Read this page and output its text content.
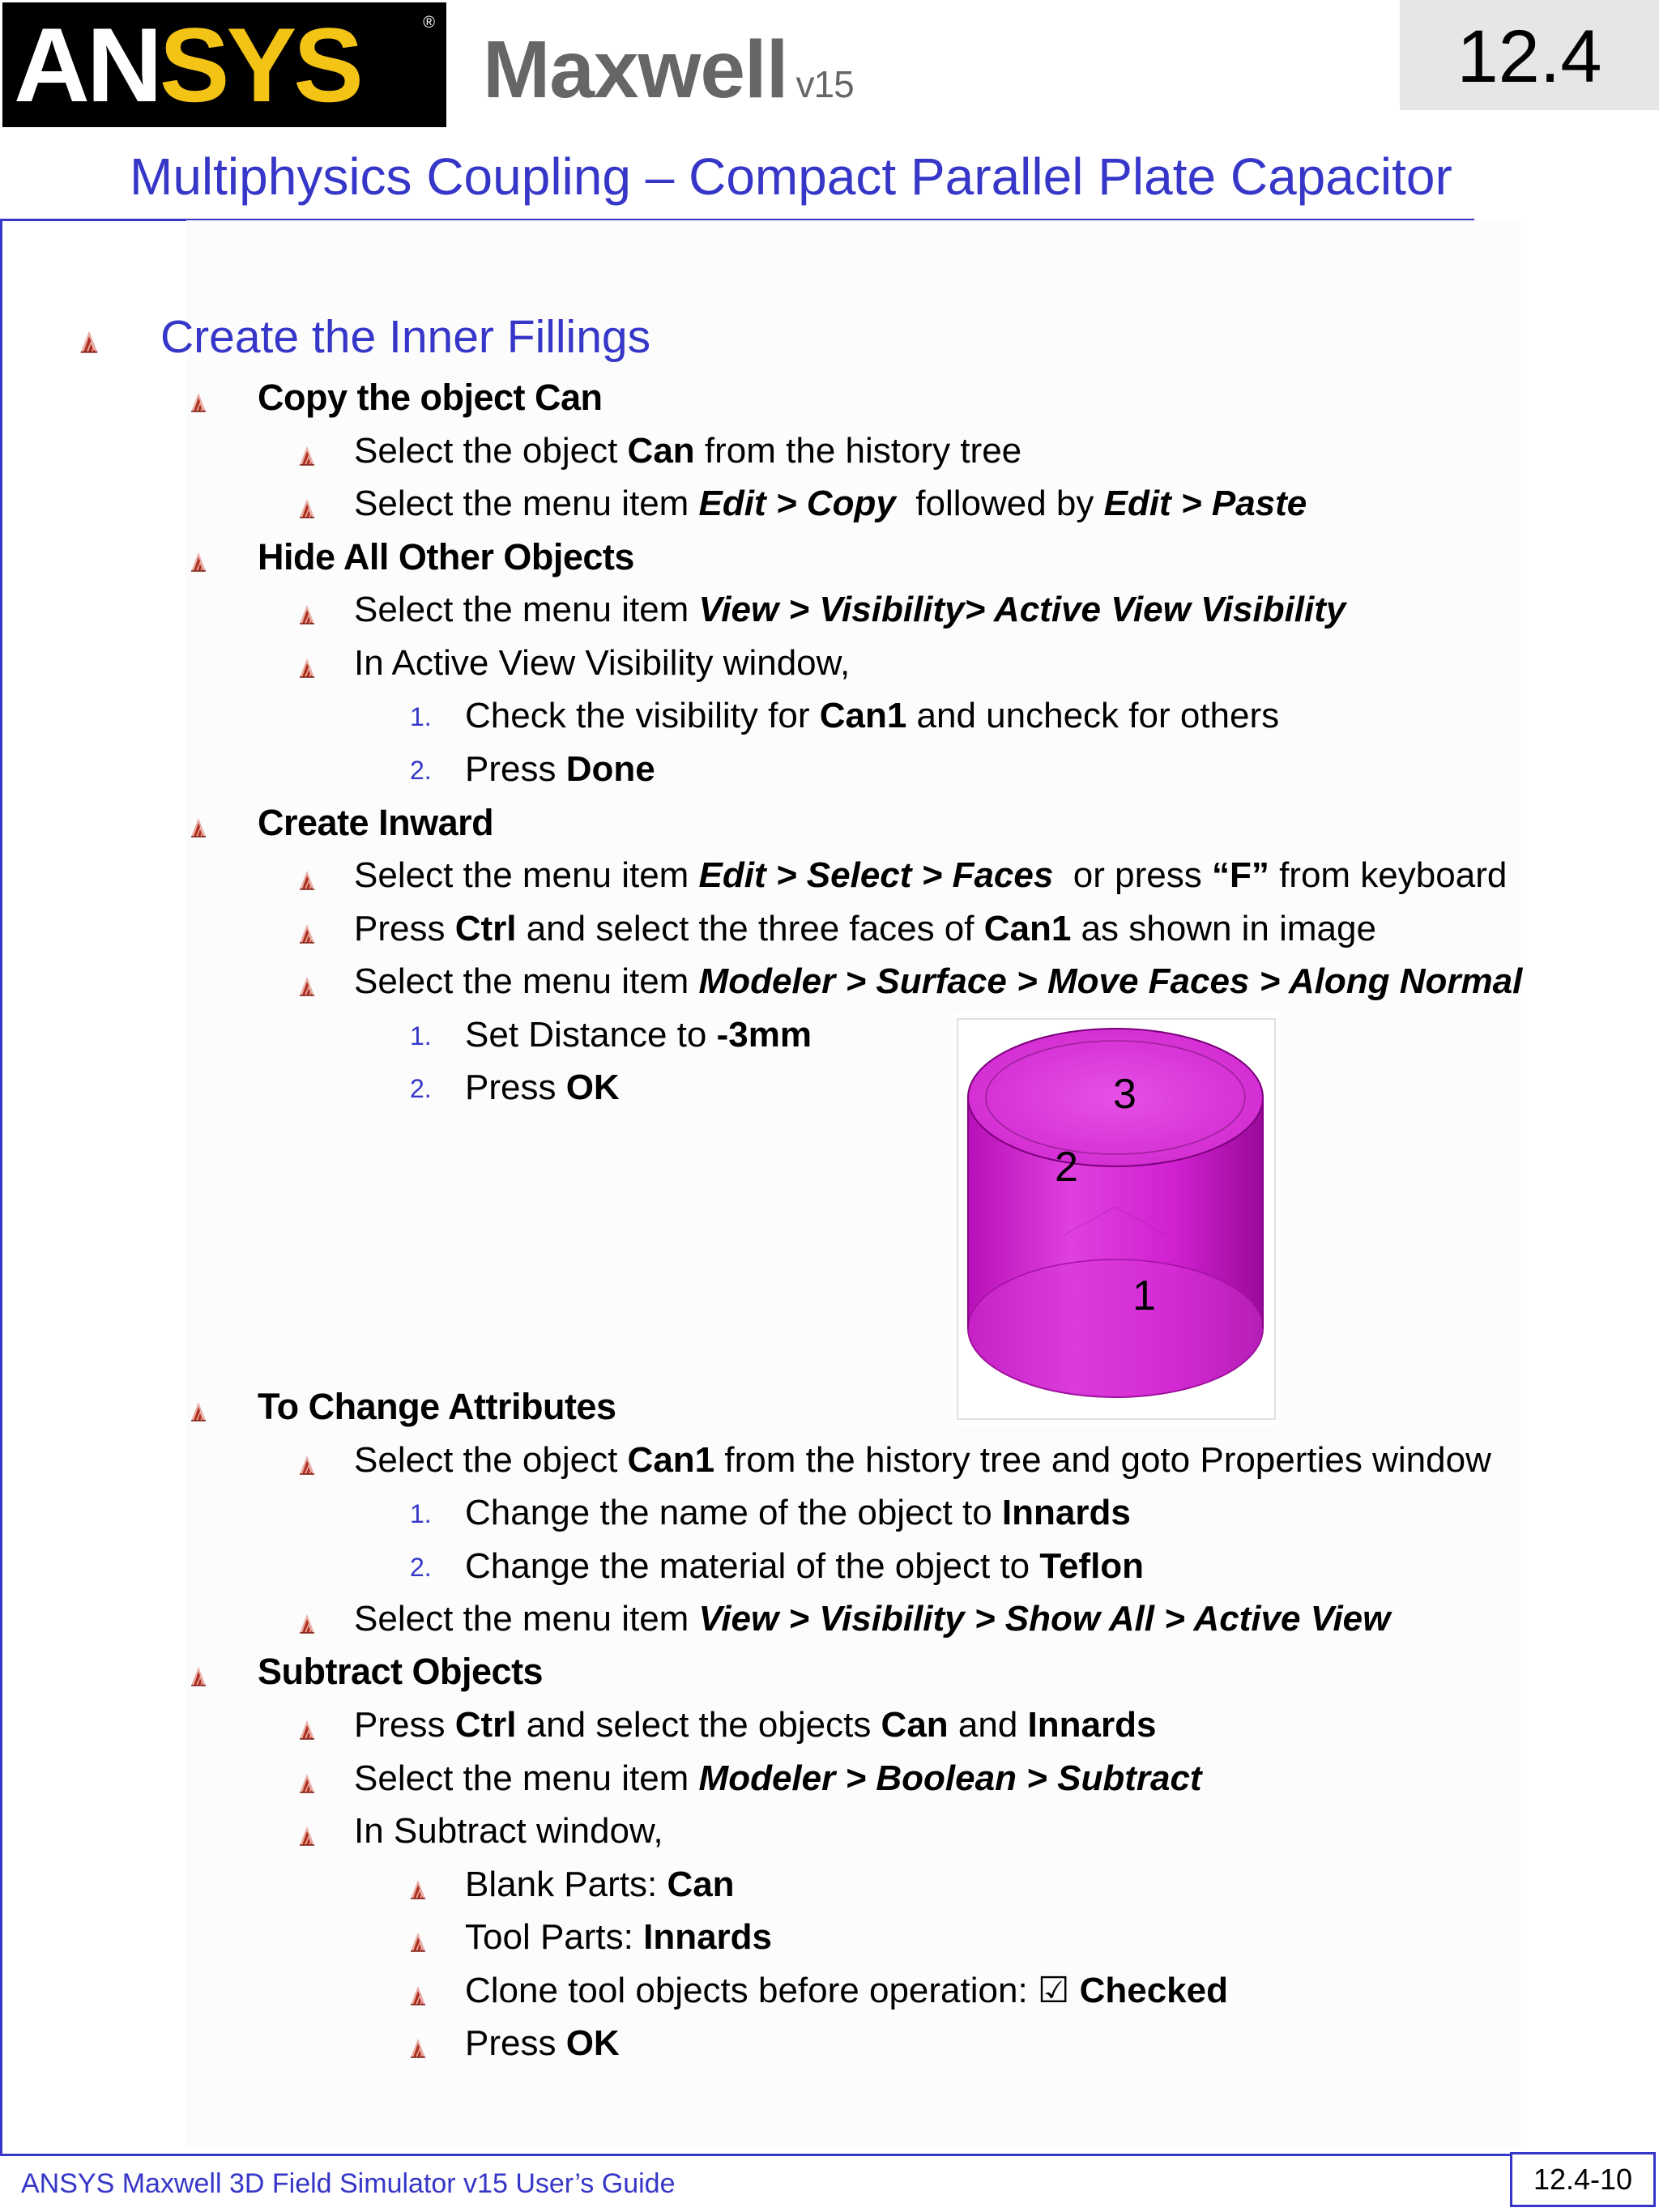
ANSYS	®
Maxwell v15	12.4
Multiphysics Coupling – Compact Parallel Plate Capacitor
Create the Inner Fillings
Copy the object Can
Select the object Can from the history tree
Select the menu item Edit > Copy  followed by Edit > Paste
Hide All Other Objects
Select the menu item View > Visibility> Active View Visibility
In Active View Visibility window,
1. Check the visibility for Can1 and uncheck for others
2. Press Done
Create Inward
Select the menu item Edit > Select > Faces  or press “F” from keyboard
Press Ctrl and select the three faces of Can1 as shown in image
Select the menu item Modeler > Surface > Move Faces > Along Normal
1. Set Distance to -3mm
2. Press OK	3
2
1
To Change Attributes
Select the object Can1 from the history tree and goto Properties window
1. Change the name of the object to Innards
2. Change the material of the object to Teflon
Select the menu item View > Visibility > Show All > Active View
Subtract Objects
Press Ctrl and select the objects Can and Innards
Select the menu item Modeler > Boolean > Subtract
In Subtract window,
Blank Parts: Can
Tool Parts: Innards
Clone tool objects before operation: ☑ Checked
Press OK
ANSYS Maxwell 3D Field Simulator v15 User’s Guide	12.4-10
